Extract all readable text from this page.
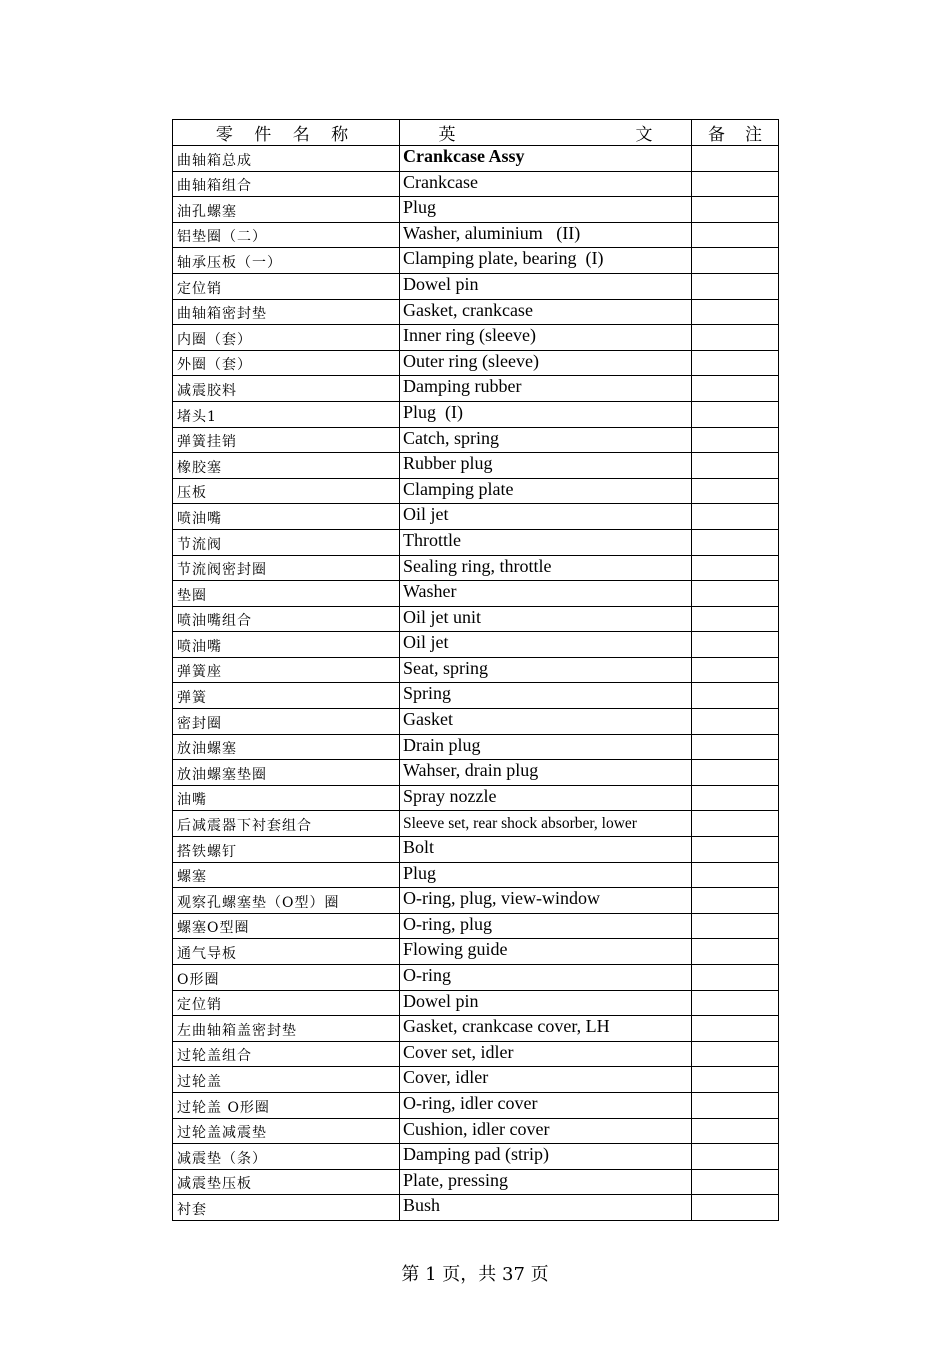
零 件 名 称	英 文	备 注
曲轴箱总成	Crankcase Assy	
曲轴箱组合	Crankcase	
油孔螺塞	Plug	
铝垫圈（二）	Washer, aluminium   (II)	
轴承压板（一）	Clamping plate, bearing  (I)	
定位销	Dowel pin	
曲轴箱密封垫	Gasket, crankcase	
内圈（套）	Inner ring (sleeve)	
外圈（套）	Outer ring (sleeve)	
减震胶料	Damping rubber	
堵头1	Plug  (I)	
弹簧挂销	Catch, spring	
橡胶塞	Rubber plug	
压板	Clamping plate	
喷油嘴	Oil jet	
节流阀	Throttle	
节流阀密封圈	Sealing ring, throttle	
垫圈	Washer	
喷油嘴组合	Oil jet unit	
喷油嘴	Oil jet	
弹簧座	Seat, spring	
弹簧	Spring	
密封圈	Gasket	
放油螺塞	Drain plug	
放油螺塞垫圈	Wahser, drain plug	
油嘴	Spray nozzle	
后减震器下衬套组合	Sleeve set, rear shock absorber, lower	
搭铁螺钉	Bolt	
螺塞	Plug	
观察孔螺塞垫（O型）圈	O-ring, plug, view-window	
螺塞O型圈	O-ring, plug	
通气导板	Flowing guide	
O形圈	O-ring	
定位销	Dowel pin	
左曲轴箱盖密封垫	Gasket, crankcase cover, LH	
过轮盖组合	Cover set, idler	
过轮盖	Cover, idler	
过轮盖 O形圈	O-ring, idler cover	
过轮盖减震垫	Cushion, idler cover	
减震垫（条）	Damping pad (strip)	
减震垫压板	Plate, pressing	
衬套	Bush	
第 1 页，共 37 页
